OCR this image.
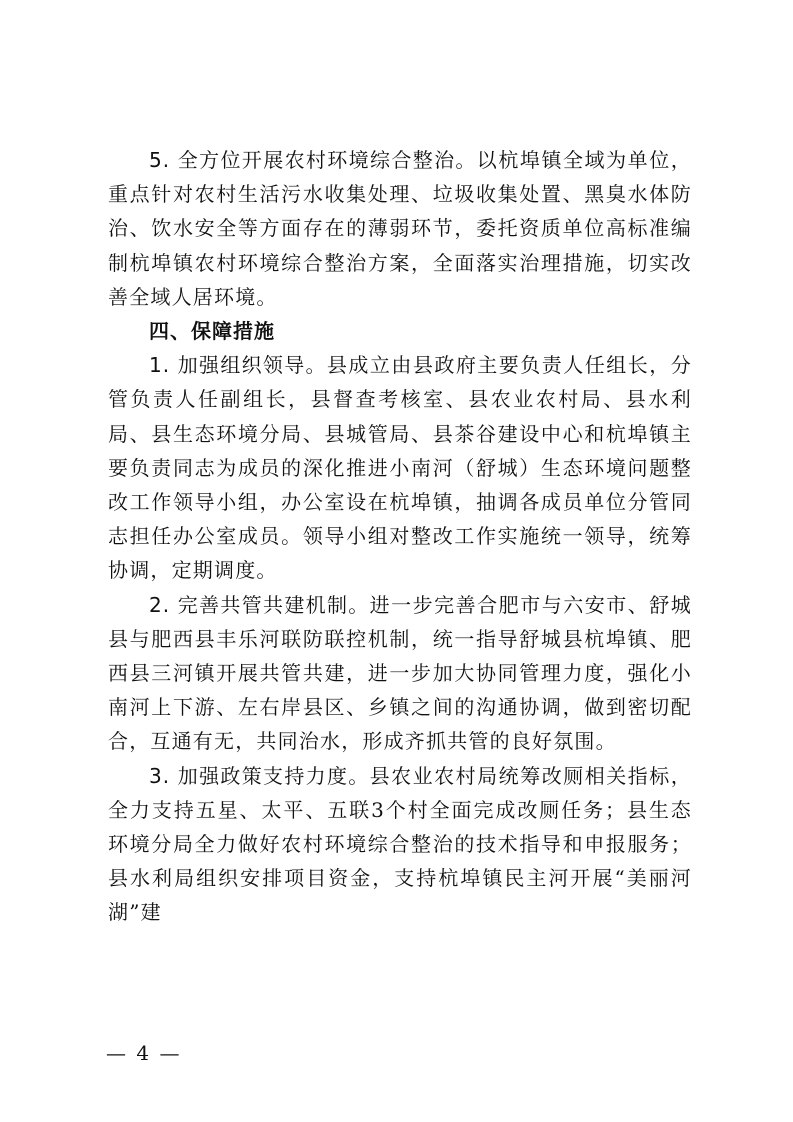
5. 全方位开展农村环境综合整治。以杭埠镇全域为单位，重点针对农村生活污水收集处理、垃圾收集处置、黑臭水体防治、饮水安全等方面存在的薄弱环节，委托资质单位高标准编制杭埠镇农村环境综合整治方案，全面落实治理措施，切实改善全域人居环境。

四、保障措施

1. 加强组织领导。县成立由县政府主要负责人任组长，分管负责人任副组长，县督查考核室、县农业农村局、县水利局、县生态环境分局、县城管局、县茶谷建设中心和杭埠镇主要负责同志为成员的深化推进小南河（舒城）生态环境问题整改工作领导小组，办公室设在杭埠镇，抽调各成员单位分管同志担任办公室成员。领导小组对整改工作实施统一领导，统筹协调，定期调度。

2. 完善共管共建机制。进一步完善合肥市与六安市、舒城县与肥西县丰乐河联防联控机制，统一指导舒城县杭埠镇、肥西县三河镇开展共管共建，进一步加大协同管理力度，强化小南河上下游、左右岸县区、乡镇之间的沟通协调，做到密切配合，互通有无，共同治水，形成齐抓共管的良好氛围。

3. 加强政策支持力度。县农业农村局统筹改厕相关指标，全力支持五星、太平、五联3个村全面完成改厕任务；县生态环境分局全力做好农村环境综合整治的技术指导和申报服务；县水利局组织安排项目资金，支持杭埠镇民主河开展“美丽河湖”建

— 4 —
